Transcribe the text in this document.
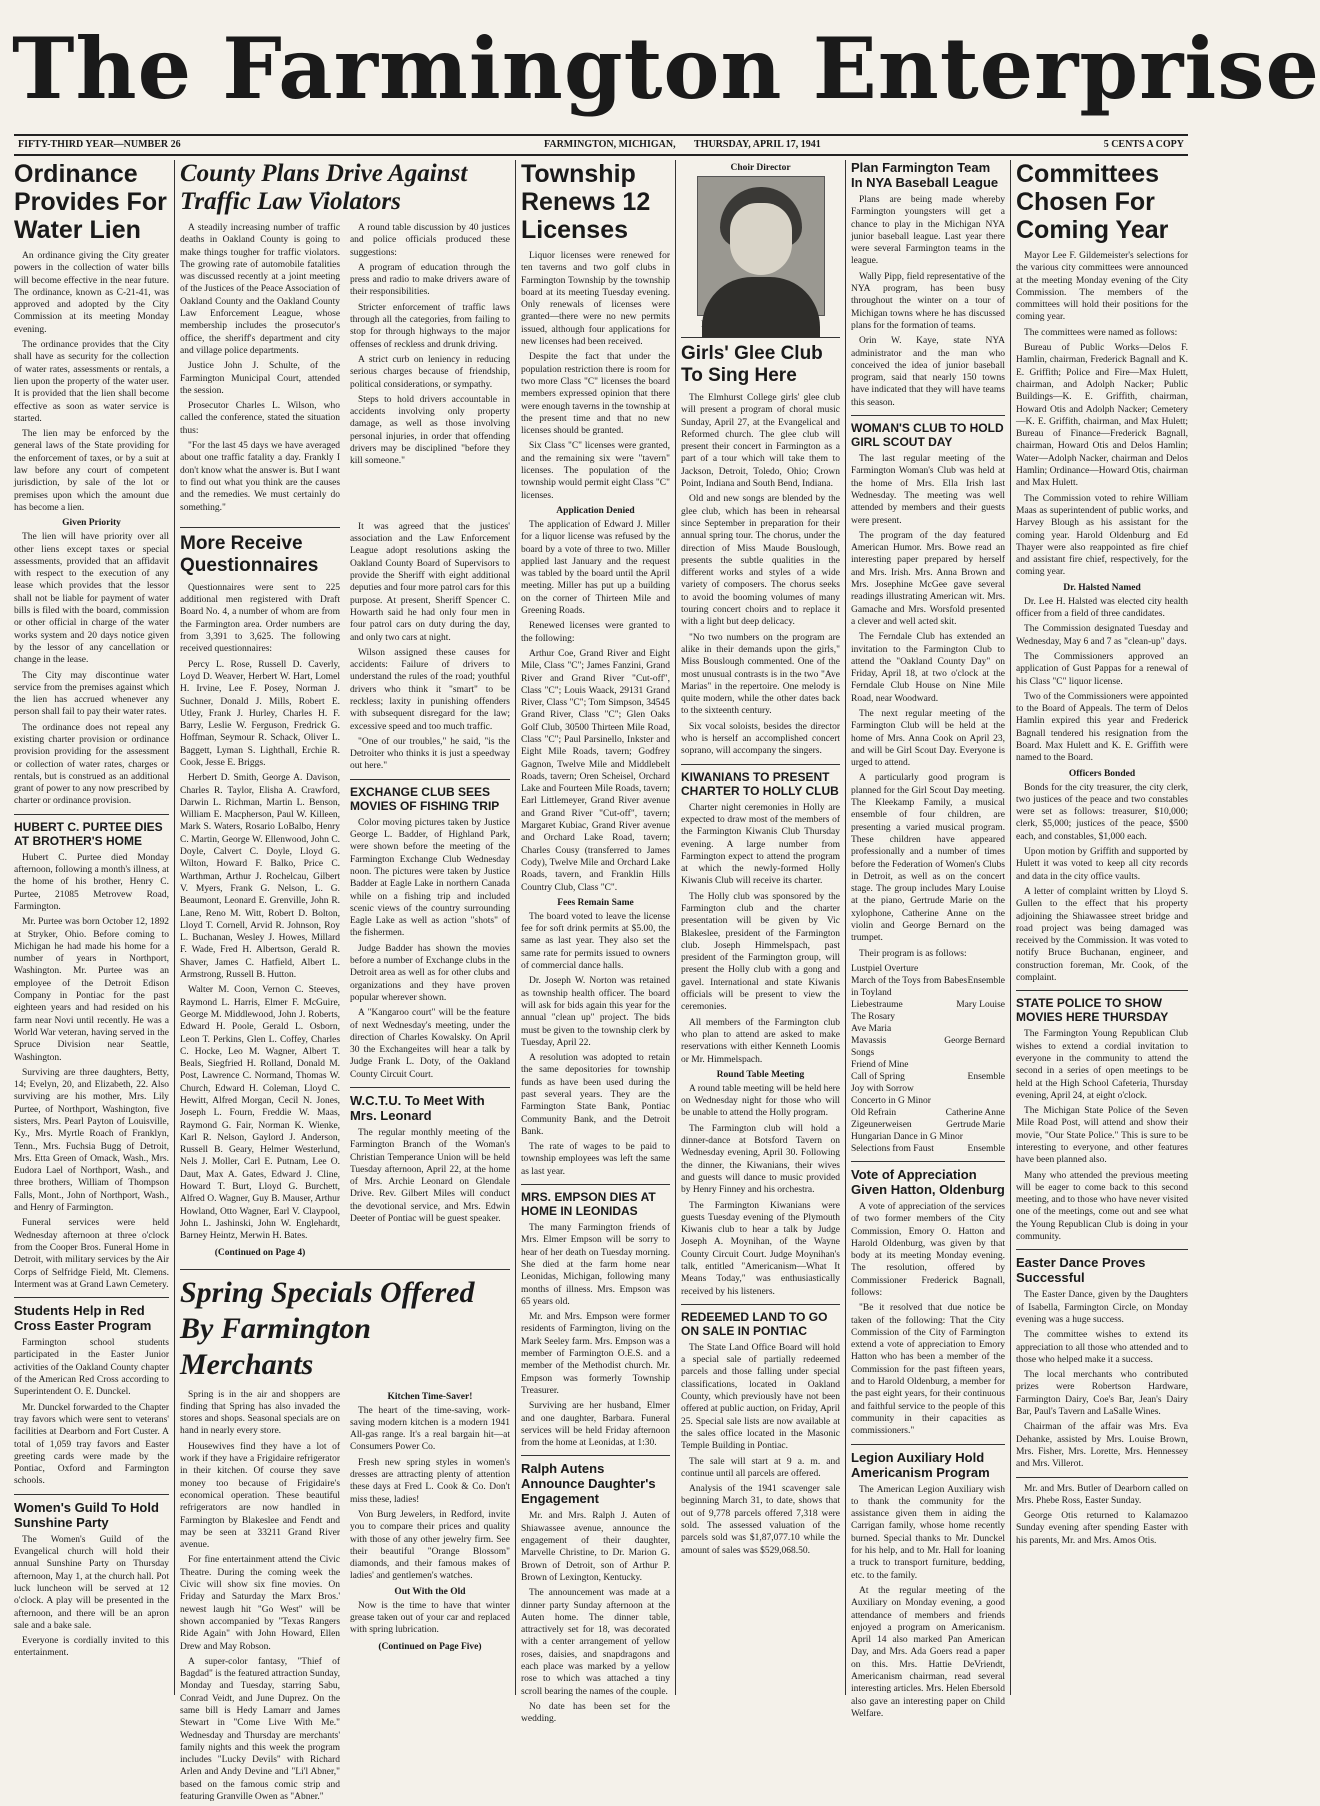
The Farmington Enterprise
FIFTY-THIRD YEAR—NUMBER 26	FARMINGTON, MICHIGAN, THURSDAY, APRIL 17, 1941	5 CENTS A COPY
Ordinance Provides For Water Lien

An ordinance giving the City greater powers in the collection of water bills will become effective in the near future. The ordinance, known as C-21-41, was approved and adopted by the City Commission at its meeting Monday evening.

The ordinance provides that the City shall have as security for the collection of water rates, assessments or rentals, a lien upon the property of the water user. It is provided that the lien shall become effective as soon as water service is started.

The lien may be enforced by the general laws of the State providing for the enforcement of taxes, or by a suit at law before any court of competent jurisdiction, by sale of the lot or premises upon which the amount due has become a lien.

Given Priority

The lien will have priority over all other liens except taxes or special assessments, provided that an affidavit with respect to the execution of any lease which provides that the lessor shall not be liable for payment of water bills is filed with the board, commission or other official in charge of the water works system and 20 days notice given by the lessor of any cancellation or change in the lease.

The City may discontinue water service from the premises against which the lien has accrued whenever any person shall fail to pay their water rates.

The ordinance does not repeal any existing charter provision or ordinance provision providing for the assessment or collection of water rates, charges or rentals, but is construed as an additional grant of power to any now prescribed by charter or ordinance provision.

HUBERT C. PURTEE DIES AT BROTHER'S HOME

Hubert C. Purtee died Monday afternoon, following a month's illness, at the home of his brother, Henry C. Purtee, 21085 Metrovew Road, Farmington.

Mr. Purtee was born October 12, 1892 at Stryker, Ohio. Before coming to Michigan he had made his home for a number of years in Northport, Washington. Mr. Purtee was an employee of the Detroit Edison Company in Pontiac for the past eighteen years and had resided on his farm near Novi until recently. He was a World War veteran, having served in the Spruce Division near Seattle, Washington.

Surviving are three daughters, Betty, 14; Evelyn, 20, and Elizabeth, 22. Also surviving are his mother, Mrs. Lily Purtee, of Northport, Washington, five sisters, Mrs. Pearl Payton of Louisville, Ky., Mrs. Myrtle Roach of Franklyn, Tenn., Mrs. Fuchsia Bugg of Detroit, Mrs. Etta Green of Omack, Wash., Mrs. Eudora Lael of Northport, Wash., and three brothers, William of Thompson Falls, Mont., John of Northport, Wash., and Henry of Farmington.

Funeral services were held Wednesday afternoon at three o'clock from the Cooper Bros. Funeral Home in Detroit, with military services by the Air Corps of Selfridge Field, Mt. Clemens. Interment was at Grand Lawn Cemetery.

Students Help in Red Cross Easter Program

Farmington school students participated in the Easter Junior activities of the Oakland County chapter of the American Red Cross according to Superintendent O. E. Dunckel.

Mr. Dunckel forwarded to the Chapter tray favors which were sent to veterans' facilities at Dearborn and Fort Custer. A total of 1,059 tray favors and Easter greeting cards were made by the Pontiac, Oxford and Farmington schools.

Women's Guild To Hold Sunshine Party

The Women's Guild of the Evangelical church will hold their annual Sunshine Party on Thursday afternoon, May 1, at the church hall. Pot luck luncheon will be served at 12 o'clock. A play will be presented in the afternoon, and there will be an apron sale and a bake sale.

Everyone is cordially invited to this entertainment.

County Plans Drive Against Traffic Law Violators

A steadily increasing number of traffic deaths in Oakland County is going to make things tougher for traffic violators. The growing rate of automobile fatalities was discussed recently at a joint meeting of the Justices of the Peace Association of Oakland County and the Oakland County Law Enforcement League, whose membership includes the prosecutor's office, the sheriff's department and city and village police departments.

Justice John J. Schulte, of the Farmington Municipal Court, attended the session.

Prosecutor Charles L. Wilson, who called the conference, stated the situation thus:

"For the last 45 days we have averaged about one traffic fatality a day. Frankly I don't know what the answer is. But I want to find out what you think are the causes and the remedies. We must certainly do something."

A round table discussion by 40 justices and police officials produced these suggestions:

A program of education through the press and radio to make drivers aware of their responsibilities.

Stricter enforcement of traffic laws through all the categories, from failing to stop for through highways to the major offenses of reckless and drunk driving.

A strict curb on leniency in reducing serious charges because of friendship, political considerations, or sympathy.

Steps to hold drivers accountable in accidents involving only property damage, as well as those involving personal injuries, in order that offending drivers may be disciplined "before they kill someone."

More Receive Questionnaires

Questionnaires were sent to 225 additional men registered with Draft Board No. 4, a number of whom are from the Farmington area. Order numbers are from 3,391 to 3,625. The following received questionnaires:

Percy L. Rose, Russell D. Caverly, Loyd D. Weaver, Herbert W. Hart, Lomel H. Irvine, Lee F. Posey, Norman J. Suchner, Donald J. Mills, Robert E. Utley, Frank J. Hurley, Charles H. F. Barry, Leslie W. Ferguson, Fredrick G. Hoffman, Seymour R. Schack, Oliver L. Baggett, Lyman S. Lighthall, Erchie R. Cook, Jesse E. Briggs.

Herbert D. Smith, George A. Davison, Charles R. Taylor, Elisha A. Crawford, Darwin L. Richman, Martin L. Benson, William E. Macpherson, Paul W. Killeen, Mark S. Waters, Rosario LoBalbo, Henry C. Martin, George W. Ellenwood, John C. Doyle, Calvert C. Doyle, Lloyd G. Wilton, Howard F. Balko, Price C. Warthman, Arthur J. Rochelcau, Gilbert V. Myers, Frank G. Nelson, L. G. Beaumont, Leonard E. Grenville, John R. Lane, Reno M. Witt, Robert D. Bolton, Lloyd T. Cornell, Arvid R. Johnson, Roy L. Buchanan, Wesley J. Howes, Millard F. Wade, Fred H. Albertson, Gerald R. Shaver, James C. Hatfield, Albert L. Armstrong, Russell B. Hutton.

Walter M. Coon, Vernon C. Steeves, Raymond L. Harris, Elmer F. McGuire, George M. Middlewood, John J. Roberts, Edward H. Poole, Gerald L. Osborn, Leon T. Perkins, Glen L. Coffey, Charles C. Hocke, Leo M. Wagner, Albert T. Beals, Siegfried H. Rolland, Donald M. Post, Lawrence C. Normand, Thomas W. Church, Edward H. Coleman, Lloyd C. Hewitt, Alfred Morgan, Cecil N. Jones, Joseph L. Fourn, Freddie W. Maas, Raymond G. Fair, Norman K. Wienke, Karl R. Nelson, Gaylord J. Anderson, Russell B. Geary, Helmer Westerlund, Nels J. Moller, Carl E. Putnam, Lee O. Daut, Max A. Gates, Edward J. Cline, Howard T. Burt, Lloyd G. Burchett, Alfred O. Wagner, Guy B. Mauser, Arthur Howland, Otto Wagner, Earl V. Claypool, John L. Jashinski, John W. Englehardt, Barney Heintz, Merwin H. Bates.

(Continued on Page 4)

It was agreed that the justices' association and the Law Enforcement League adopt resolutions asking the Oakland County Board of Supervisors to provide the Sheriff with eight additional deputies and four more patrol cars for this purpose. At present, Sheriff Spencer C. Howarth said he had only four men in four patrol cars on duty during the day, and only two cars at night.

Wilson assigned these causes for accidents: Failure of drivers to understand the rules of the road; youthful drivers who think it "smart" to be reckless; laxity in punishing offenders with subsequent disregard for the law; excessive speed and too much traffic.

"One of our troubles," he said, "is the Detroiter who thinks it is just a speedway out here."

EXCHANGE CLUB SEES MOVIES OF FISHING TRIP

Color moving pictures taken by Justice George L. Badder, of Highland Park, were shown before the meeting of the Farmington Exchange Club Wednesday noon. The pictures were taken by Justice Badder at Eagle Lake in northern Canada while on a fishing trip and included scenic views of the country surrounding Eagle Lake as well as action "shots" of the fishermen.

Judge Badder has shown the movies before a number of Exchange clubs in the Detroit area as well as for other clubs and organizations and they have proven popular wherever shown.

A "Kangaroo court" will be the feature of next Wednesday's meeting, under the direction of Charles Kowalsky. On April 30 the Exchangeites will hear a talk by Judge Frank L. Doty, of the Oakland County Circuit Court.

W.C.T.U. To Meet With Mrs. Leonard

The regular monthly meeting of the Farmington Branch of the Woman's Christian Temperance Union will be held Tuesday afternoon, April 22, at the home of Mrs. Archie Leonard on Glendale Drive. Rev. Gilbert Miles will conduct the devotional service, and Mrs. Edwin Deeter of Pontiac will be guest speaker.

Spring Specials Offered By Farmington Merchants

Spring is in the air and shoppers are finding that Spring has also invaded the stores and shops. Seasonal specials are on hand in nearly every store.

Housewives find they have a lot of work if they have a Frigidaire refrigerator in their kitchen. Of course they save money too because of Frigidaire's economical operation. These beautiful refrigerators are now handled in Farmington by Blakeslee and Fendt and may be seen at 33211 Grand River avenue.

For fine entertainment attend the Civic Theatre. During the coming week the Civic will show six fine movies. On Friday and Saturday the Marx Bros.' newest laugh hit "Go West" will be shown accompanied by "Texas Rangers Ride Again" with John Howard, Ellen Drew and May Robson.

A super-color fantasy, "Thief of Bagdad" is the featured attraction Sunday, Monday and Tuesday, starring Sabu, Conrad Veidt, and June Duprez. On the same bill is Hedy Lamarr and James Stewart in "Come Live With Me." Wednesday and Thursday are merchants' family nights and this week the program includes "Lucky Devils" with Richard Arlen and Andy Devine and "Li'l Abner," based on the famous comic strip and featuring Granville Owen as "Abner."

Kitchen Time-Saver!

The heart of the time-saving, work-saving modern kitchen is a modern 1941 All-gas range. It's a real bargain hit—at Consumers Power Co.

Fresh new spring styles in women's dresses are attracting plenty of attention these days at Fred L. Cook & Co. Don't miss these, ladies!

Von Burg Jewelers, in Redford, invite you to compare their prices and quality with those of any other jewelry firm. See their beautiful "Orange Blossom" diamonds, and their famous makes of ladies' and gentlemen's watches.

Out With the Old

Now is the time to have that winter grease taken out of your car and replaced with spring lubrication.

(Continued on Page Five)
Township Renews 12 Licenses

Liquor licenses were renewed for ten taverns and two golf clubs in Farmington Township by the township board at its meeting Tuesday evening. Only renewals of licenses were granted—there were no new permits issued, although four applications for new licenses had been received.

Despite the fact that under the population restriction there is room for two more Class "C" licenses the board members expressed opinion that there were enough taverns in the township at the present time and that no new licenses should be granted.

Six Class "C" licenses were granted, and the remaining six were "tavern" licenses. The population of the township would permit eight Class "C" licenses.

Application Denied

The application of Edward J. Miller for a liquor license was refused by the board by a vote of three to two. Miller applied last January and the request was tabled by the board until the April meeting. Miller has put up a building on the corner of Thirteen Mile and Greening Roads.

Renewed licenses were granted to the following:

Arthur Coe, Grand River and Eight Mile, Class "C"; James Fanzini, Grand River and Grand River "Cut-off", Class "C"; Louis Waack, 29131 Grand River, Class "C"; Tom Simpson, 34545 Grand River, Class "C"; Glen Oaks Golf Club, 30500 Thirteen Mile Road, Class "C"; Paul Parsinello, Inkster and Eight Mile Roads, tavern; Godfrey Gagnon, Twelve Mile and Middlebelt Roads, tavern; Oren Scheisel, Orchard Lake and Fourteen Mile Roads, tavern; Earl Littlemeyer, Grand River avenue and Grand River "Cut-off", tavern; Margaret Kubiac, Grand River avenue and Orchard Lake Road, tavern; Charles Cousy (transferred to James Cody), Twelve Mile and Orchard Lake Roads, tavern, and Franklin Hills Country Club, Class "C".

Fees Remain Same

The board voted to leave the license fee for soft drink permits at $5.00, the same as last year. They also set the same rate for permits issued to owners of commercial dance halls.

Dr. Joseph W. Norton was retained as township health officer. The board will ask for bids again this year for the annual "clean up" project. The bids must be given to the township clerk by Tuesday, April 22.

A resolution was adopted to retain the same depositories for township funds as have been used during the past several years. They are the Farmington State Bank, Pontiac Community Bank, and the Detroit Bank.

The rate of wages to be paid to township employees was left the same as last year.

MRS. EMPSON DIES AT HOME IN LEONIDAS

The many Farmington friends of Mrs. Elmer Empson will be sorry to hear of her death on Tuesday morning. She died at the farm home near Leonidas, Michigan, following many months of illness. Mrs. Empson was 65 years old.

Mr. and Mrs. Empson were former residents of Farmington, living on the Mark Seeley farm. Mrs. Empson was a member of Farmington O.E.S. and a member of the Methodist church. Mr. Empson was formerly Township Treasurer.

Surviving are her husband, Elmer and one daughter, Barbara. Funeral services will be held Friday afternoon from the home at Leonidas, at 1:30.

Ralph Autens Announce Daughter's Engagement

Mr. and Mrs. Ralph J. Auten of Shiawassee avenue, announce the engagement of their daughter, Marvelle Christine, to Dr. Marion G. Brown of Detroit, son of Arthur P. Brown of Lexington, Kentucky.

The announcement was made at a dinner party Sunday afternoon at the Auten home. The dinner table, attractively set for 18, was decorated with a center arrangement of yellow roses, daisies, and snapdragons and each place was marked by a yellow rose to which was attached a tiny scroll bearing the names of the couple.

No date has been set for the wedding.

Choir Director
Girls' Glee Club To Sing Here

The Elmhurst College girls' glee club will present a program of choral music Sunday, April 27, at the Evangelical and Reformed church. The glee club will present their concert in Farmington as a part of a tour which will take them to Jackson, Detroit, Toledo, Ohio; Crown Point, Indiana and South Bend, Indiana.

Old and new songs are blended by the glee club, which has been in rehearsal since September in preparation for their annual spring tour. The chorus, under the direction of Miss Maude Bouslough, presents the subtle qualities in the different works and styles of a wide variety of composers. The chorus seeks to avoid the booming volumes of many touring concert choirs and to replace it with a light but deep delicacy.

"No two numbers on the program are alike in their demands upon the girls," Miss Bouslough commented. One of the most unusual contrasts is in the two "Ave Marias" in the repertoire. One melody is quite modern, while the other dates back to the sixteenth century.

Six vocal soloists, besides the director who is herself an accomplished concert soprano, will accompany the singers.

KIWANIANS TO PRESENT CHARTER TO HOLLY CLUB

Charter night ceremonies in Holly are expected to draw most of the members of the Farmington Kiwanis Club Thursday evening. A large number from Farmington expect to attend the program at which the newly-formed Holly Kiwanis Club will receive its charter.

The Holly club was sponsored by the Farmington club and the charter presentation will be given by Vic Blakeslee, president of the Farmington club. Joseph Himmelspach, past president of the Farmington group, will present the Holly club with a gong and gavel. International and state Kiwanis officials will be present to view the ceremonies.

All members of the Farmington club who plan to attend are asked to make reservations with either Kenneth Loomis or Mr. Himmelspach.

Round Table Meeting

A round table meeting will be held here on Wednesday night for those who will be unable to attend the Holly program.

The Farmington club will hold a dinner-dance at Botsford Tavern on Wednesday evening, April 30. Following the dinner, the Kiwanians, their wives and guests will dance to music provided by Henry Finney and his orchestra.

The Farmington Kiwanians were guests Tuesday evening of the Plymouth Kiwanis club to hear a talk by Judge Joseph A. Moynihan, of the Wayne County Circuit Court. Judge Moynihan's talk, entitled "Americanism—What It Means Today," was enthusiastically received by his listeners.

REDEEMED LAND TO GO ON SALE IN PONTIAC

The State Land Office Board will hold a special sale of partially redeemed parcels and those falling under special classifications, located in Oakland County, which previously have not been offered at public auction, on Friday, April 25. Special sale lists are now available at the sales office located in the Masonic Temple Building in Pontiac.

The sale will start at 9 a. m. and continue until all parcels are offered.

Analysis of the 1941 scavenger sale beginning March 31, to date, shows that out of 9,778 parcels offered 7,318 were sold. The assessed valuation of the parcels sold was $1,87,077.10 while the amount of sales was $529,068.50.

Plan Farmington Team In NYA Baseball League

Plans are being made whereby Farmington youngsters will get a chance to play in the Michigan NYA junior baseball league. Last year there were several Farmington teams in the league.

Wally Pipp, field representative of the NYA program, has been busy throughout the winter on a tour of Michigan towns where he has discussed plans for the formation of teams.

Orin W. Kaye, state NYA administrator and the man who conceived the idea of junior baseball program, said that nearly 150 towns have indicated that they will have teams this season.

WOMAN'S CLUB TO HOLD GIRL SCOUT DAY

The last regular meeting of the Farmington Woman's Club was held at the home of Mrs. Ella Irish last Wednesday. The meeting was well attended by members and their guests were present.

The program of the day featured American Humor. Mrs. Bowe read an interesting paper prepared by herself and Mrs. Irish. Mrs. Anna Brown and Mrs. Josephine McGee gave several readings illustrating American wit. Mrs. Gamache and Mrs. Worsfold presented a clever and well acted skit.

The Ferndale Club has extended an invitation to the Farmington Club to attend the "Oakland County Day" on Friday, April 18, at two o'clock at the Ferndale Club House on Nine Mile Road, near Woodward.

The next regular meeting of the Farmington Club will be held at the home of Mrs. Anna Cook on April 23, and will be Girl Scout Day. Everyone is urged to attend.

A particularly good program is planned for the Girl Scout Day meeting. The Kleekamp Family, a musical ensemble of four children, are presenting a varied musical program. These children have appeared professionally and a number of times before the Federation of Women's Clubs in Detroit, as well as on the concert stage. The group includes Mary Louise at the piano, Gertrude Marie on the xylophone, Catherine Anne on the violin and George Bernard on the trumpet.

Their program is as follows:

Lustpiel Overture
March of the Toys from Babes in Toyland
Ensemble
Liebestraume	Mary Louise
The Rosary
Ave Maria
Mavassis	George Bernard
Songs
Friend of Mine
Call of Spring	Ensemble
Joy with Sorrow
Concerto in G Minor
Old Refrain	Catherine Anne
Zigeunerweisen	Gertrude Marie
Hungarian Dance in G Minor
Selections from Faust	Ensemble
Vote of Appreciation Given Hatton, Oldenburg

A vote of appreciation of the services of two former members of the City Commission, Emory O. Hatton and Harold Oldenburg, was given by that body at its meeting Monday evening. The resolution, offered by Commissioner Frederick Bagnall, follows:

"Be it resolved that due notice be taken of the following: That the City Commission of the City of Farmington extend a vote of appreciation to Emory Hatton who has been a member of the Commission for the past fifteen years, and to Harold Oldenburg, a member for the past eight years, for their continuous and faithful service to the people of this community in their capacities as commissioners."

Legion Auxiliary Hold Americanism Program

The American Legion Auxiliary wish to thank the community for the assistance given them in aiding the Carrigan family, whose home recently burned. Special thanks to Mr. Dunckel for his help, and to Mr. Hall for loaning a truck to transport furniture, bedding, etc. to the family.

At the regular meeting of the Auxiliary on Monday evening, a good attendance of members and friends enjoyed a program on Americanism. April 14 also marked Pan American Day, and Mrs. Ada Goers read a paper on this. Mrs. Hattie DeVriendt, Americanism chairman, read several interesting articles. Mrs. Helen Ebersold also gave an interesting paper on Child Welfare.

Committees Chosen For Coming Year

Mayor Lee F. Gildemeister's selections for the various city committees were announced at the meeting Monday evening of the City Commission. The members of the committees will hold their positions for the coming year.

The committees were named as follows:

Bureau of Public Works—Delos F. Hamlin, chairman, Frederick Bagnall and K. E. Griffith; Police and Fire—Max Hulett, chairman, and Adolph Nacker; Public Buildings—K. E. Griffith, chairman, Howard Otis and Adolph Nacker; Cemetery—K. E. Griffith, chairman, and Max Hulett; Bureau of Finance—Frederick Bagnall, chairman, Howard Otis and Delos Hamlin; Water—Adolph Nacker, chairman and Delos Hamlin; Ordinance—Howard Otis, chairman and Max Hulett.

The Commission voted to rehire William Maas as superintendent of public works, and Harvey Blough as his assistant for the coming year. Harold Oldenburg and Ed Thayer were also reappointed as fire chief and assistant fire chief, respectively, for the coming year.

Dr. Halsted Named

Dr. Lee H. Halsted was elected city health officer from a field of three candidates.

The Commission designated Tuesday and Wednesday, May 6 and 7 as "clean-up" days.

The Commissioners approved an application of Gust Pappas for a renewal of his Class "C" liquor license.

Two of the Commissioners were appointed to the Board of Appeals. The term of Delos Hamlin expired this year and Frederick Bagnall tendered his resignation from the Board. Max Hulett and K. E. Griffith were named to the Board.

Officers Bonded

Bonds for the city treasurer, the city clerk, two justices of the peace and two constables were set as follows: treasurer, $10,000; clerk, $5,000; justices of the peace, $500 each, and constables, $1,000 each.

Upon motion by Griffith and supported by Hulett it was voted to keep all city records and data in the city office vaults.

A letter of complaint written by Lloyd S. Gullen to the effect that his property adjoining the Shiawassee street bridge and road project was being damaged was received by the Commission. It was voted to notify Bruce Buchanan, engineer, and construction foreman, Mr. Cook, of the complaint.

STATE POLICE TO SHOW MOVIES HERE THURSDAY

The Farmington Young Republican Club wishes to extend a cordial invitation to everyone in the community to attend the second in a series of open meetings to be held at the High School Cafeteria, Thursday evening, April 24, at eight o'clock.

The Michigan State Police of the Seven Mile Road Post, will attend and show their movie, "Our State Police." This is sure to be interesting to everyone, and other features have been planned also.

Many who attended the previous meeting will be eager to come back to this second meeting, and to those who have never visited one of the meetings, come out and see what the Young Republican Club is doing in your community.

Easter Dance Proves Successful

The Easter Dance, given by the Daughters of Isabella, Farmington Circle, on Monday evening was a huge success.

The committee wishes to extend its appreciation to all those who attended and to those who helped make it a success.

The local merchants who contributed prizes were Robertson Hardware, Farmington Dairy, Coe's Bar, Jean's Dairy Bar, Paul's Tavern and LaSalle Wines.

Chairman of the affair was Mrs. Eva Dehanke, assisted by Mrs. Louise Brown, Mrs. Fisher, Mrs. Lorette, Mrs. Hennessey and Mrs. Villerot.

Mr. and Mrs. Butler of Dearborn called on Mrs. Phebe Ross, Easter Sunday.

George Otis returned to Kalamazoo Sunday evening after spending Easter with his parents, Mr. and Mrs. Amos Otis.
